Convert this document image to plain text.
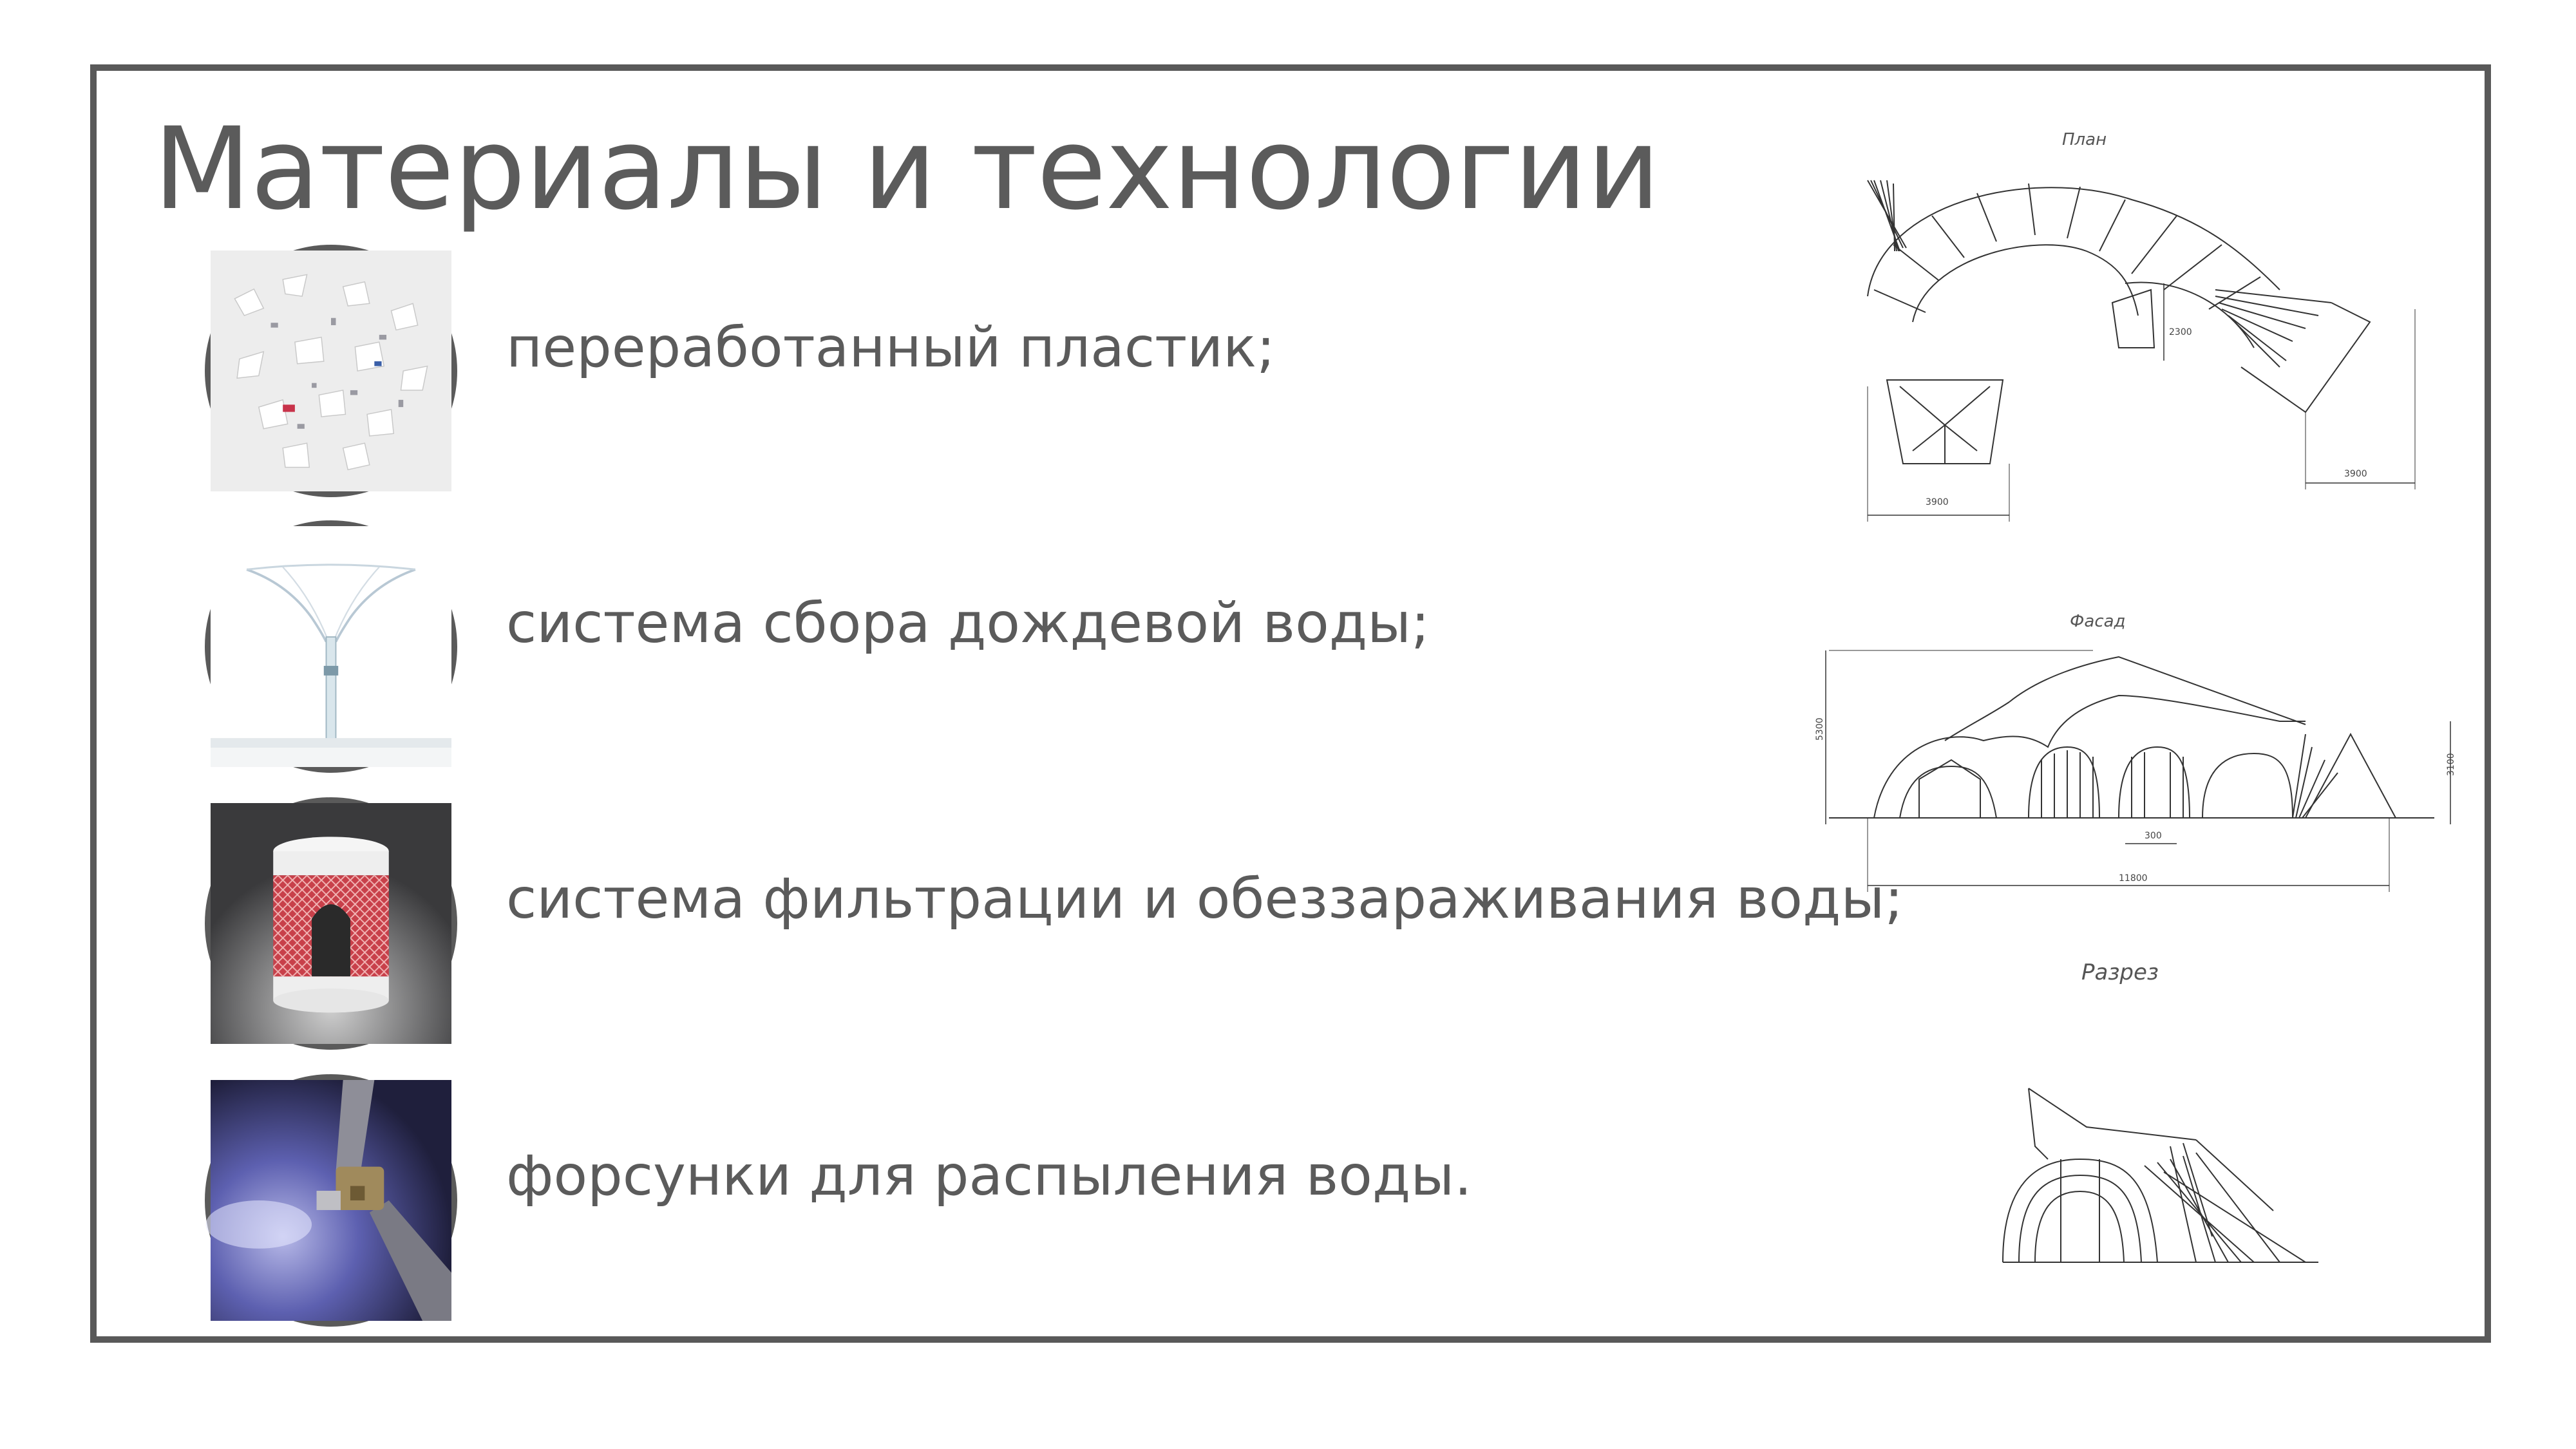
Материалы и технологии
переработанный пластик;
система сбора дождевой воды;
система фильтрации и обеззараживания воды;
форсунки для распыления воды.
План
3900
3900
2300
Фасад
5300
3100
300
11800
Разрез
